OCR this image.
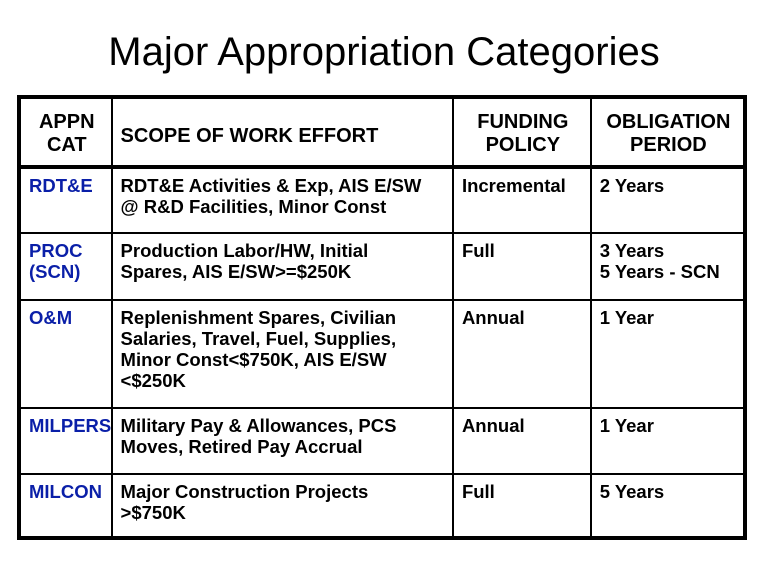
Major Appropriation Categories
APPN
CAT	SCOPE OF WORK EFFORT	FUNDING
POLICY	OBLIGATION
PERIOD

RDT&E	RDT&E Activities & Exp, AIS E/SW
@ R&D Facilities, Minor Const	Incremental	2 Years

PROC
(SCN)	Production Labor/HW, Initial
Spares, AIS E/SW>=$250K	Full	3 Years
5 Years - SCN

O&M	Replenishment Spares, Civilian
Salaries, Travel, Fuel, Supplies,
Minor Const<$750K, AIS E/SW
<$250K	Annual	1 Year

MILPERS	Military Pay & Allowances, PCS
Moves, Retired Pay Accrual	Annual	1 Year

MILCON	Major Construction Projects
>$750K	Full	5 Years
